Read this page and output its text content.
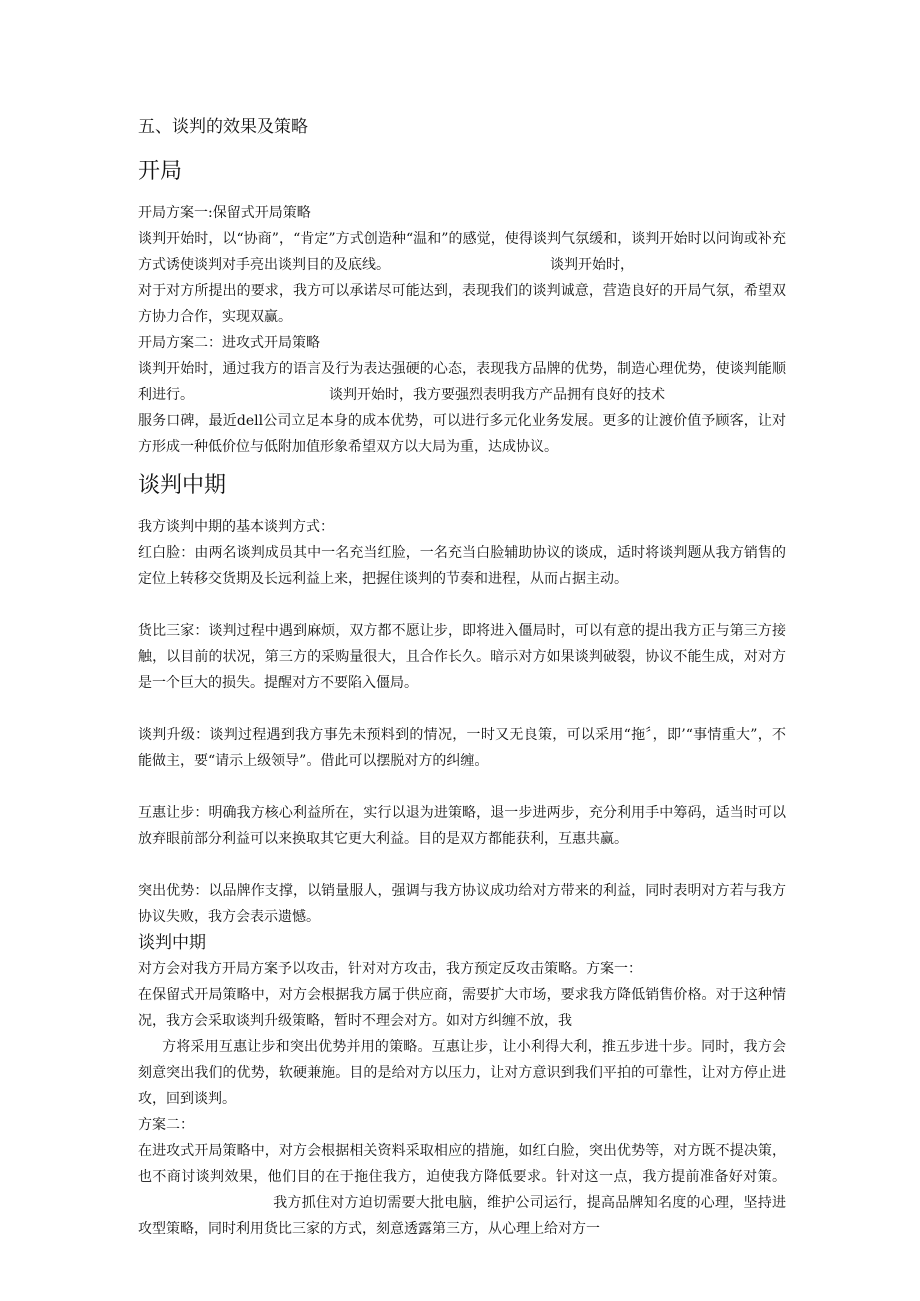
五、谈判的效果及策略
开局

开局方案一:保留式开局策略

谈判开始时，以“协商”，“肯定”方式创造种“温和”的感觉，使得谈判气氛缓和，谈判开始时以问询或补充方式诱使谈判对手亮出谈判目的及底线。	谈判开始时，

对于对方所提出的要求，我方可以承诺尽可能达到，表现我们的谈判诚意，营造良好的开局气氛，希望双方协力合作，实现双赢。

开局方案二：进攻式开局策略

谈判开始时，通过我方的语言及行为表达强硬的心态，表现我方品牌的优势，制造心理优势，使谈判能顺利进行。	谈判开始时，我方要强烈表明我方产品拥有良好的技术

服务口碑，最近dell公司立足本身的成本优势，可以进行多元化业务发展。更多的让渡价值予顾客，让对方形成一种低价位与低附加值形象希望双方以大局为重，达成协议。

谈判中期

我方谈判中期的基本谈判方式：

红白脸：由两名谈判成员其中一名充当红脸，一名充当白脸辅助协议的谈成，适时将谈判题从我方销售的定位上转移交货期及长远利益上来，把握住谈判的节奏和进程，从而占据主动。

货比三家：谈判过程中遇到麻烦，双方都不愿让步，即将进入僵局时，可以有意的提出我方正与第三方接触，以目前的状况，第三方的采购量很大，且合作长久。暗示对方如果谈判破裂，协议不能生成，对对方是一个巨大的损失。提醒对方不要陷入僵局。

谈判升级：谈判过程遇到我方事先未预料到的情况，一时又无良策，可以采用“拖〞，即’“事情重大”，不能做主，要“请示上级领导”。借此可以摆脱对方的纠缠。

互惠让步：明确我方核心利益所在，实行以退为进策略，退一步进两步，充分利用手中筹码，适当时可以放弃眼前部分利益可以来换取其它更大利益。目的是双方都能获利，互惠共赢。

突出优势：以品牌作支撑，以销量服人，强调与我方协议成功给对方带来的利益，同时表明对方若与我方协议失败，我方会表示遗憾。

谈判中期

对方会对我方开局方案予以攻击，针对对方攻击，我方预定反攻击策略。方案一：

在保留式开局策略中，对方会根据我方属于供应商，需要扩大市场，要求我方降低销售价格。对于这种情况，我方会采取谈判升级策略，暂时不理会对方。如对方纠缠不放，我

方将采用互惠让步和突出优势并用的策略。互惠让步，让小利得大利，推五步进十步。同时，我方会刻意突出我们的优势，软硬兼施。目的是给对方以压力，让对方意识到我们平拍的可靠性，让对方停止进攻，回到谈判。

方案二：

在进攻式开局策略中，对方会根据相关资料采取相应的措施，如红白脸，突出优势等，对方既不提决策，也不商讨谈判效果，他们目的在于拖住我方，迫使我方降低要求。针对这一点，我方提前准备好对策。我方抓住对方迫切需要大批电脑，维护公司运行，提高品牌知名度的心理，坚持进攻型策略，同时利用货比三家的方式，刻意透露第三方，从心理上给对方一
